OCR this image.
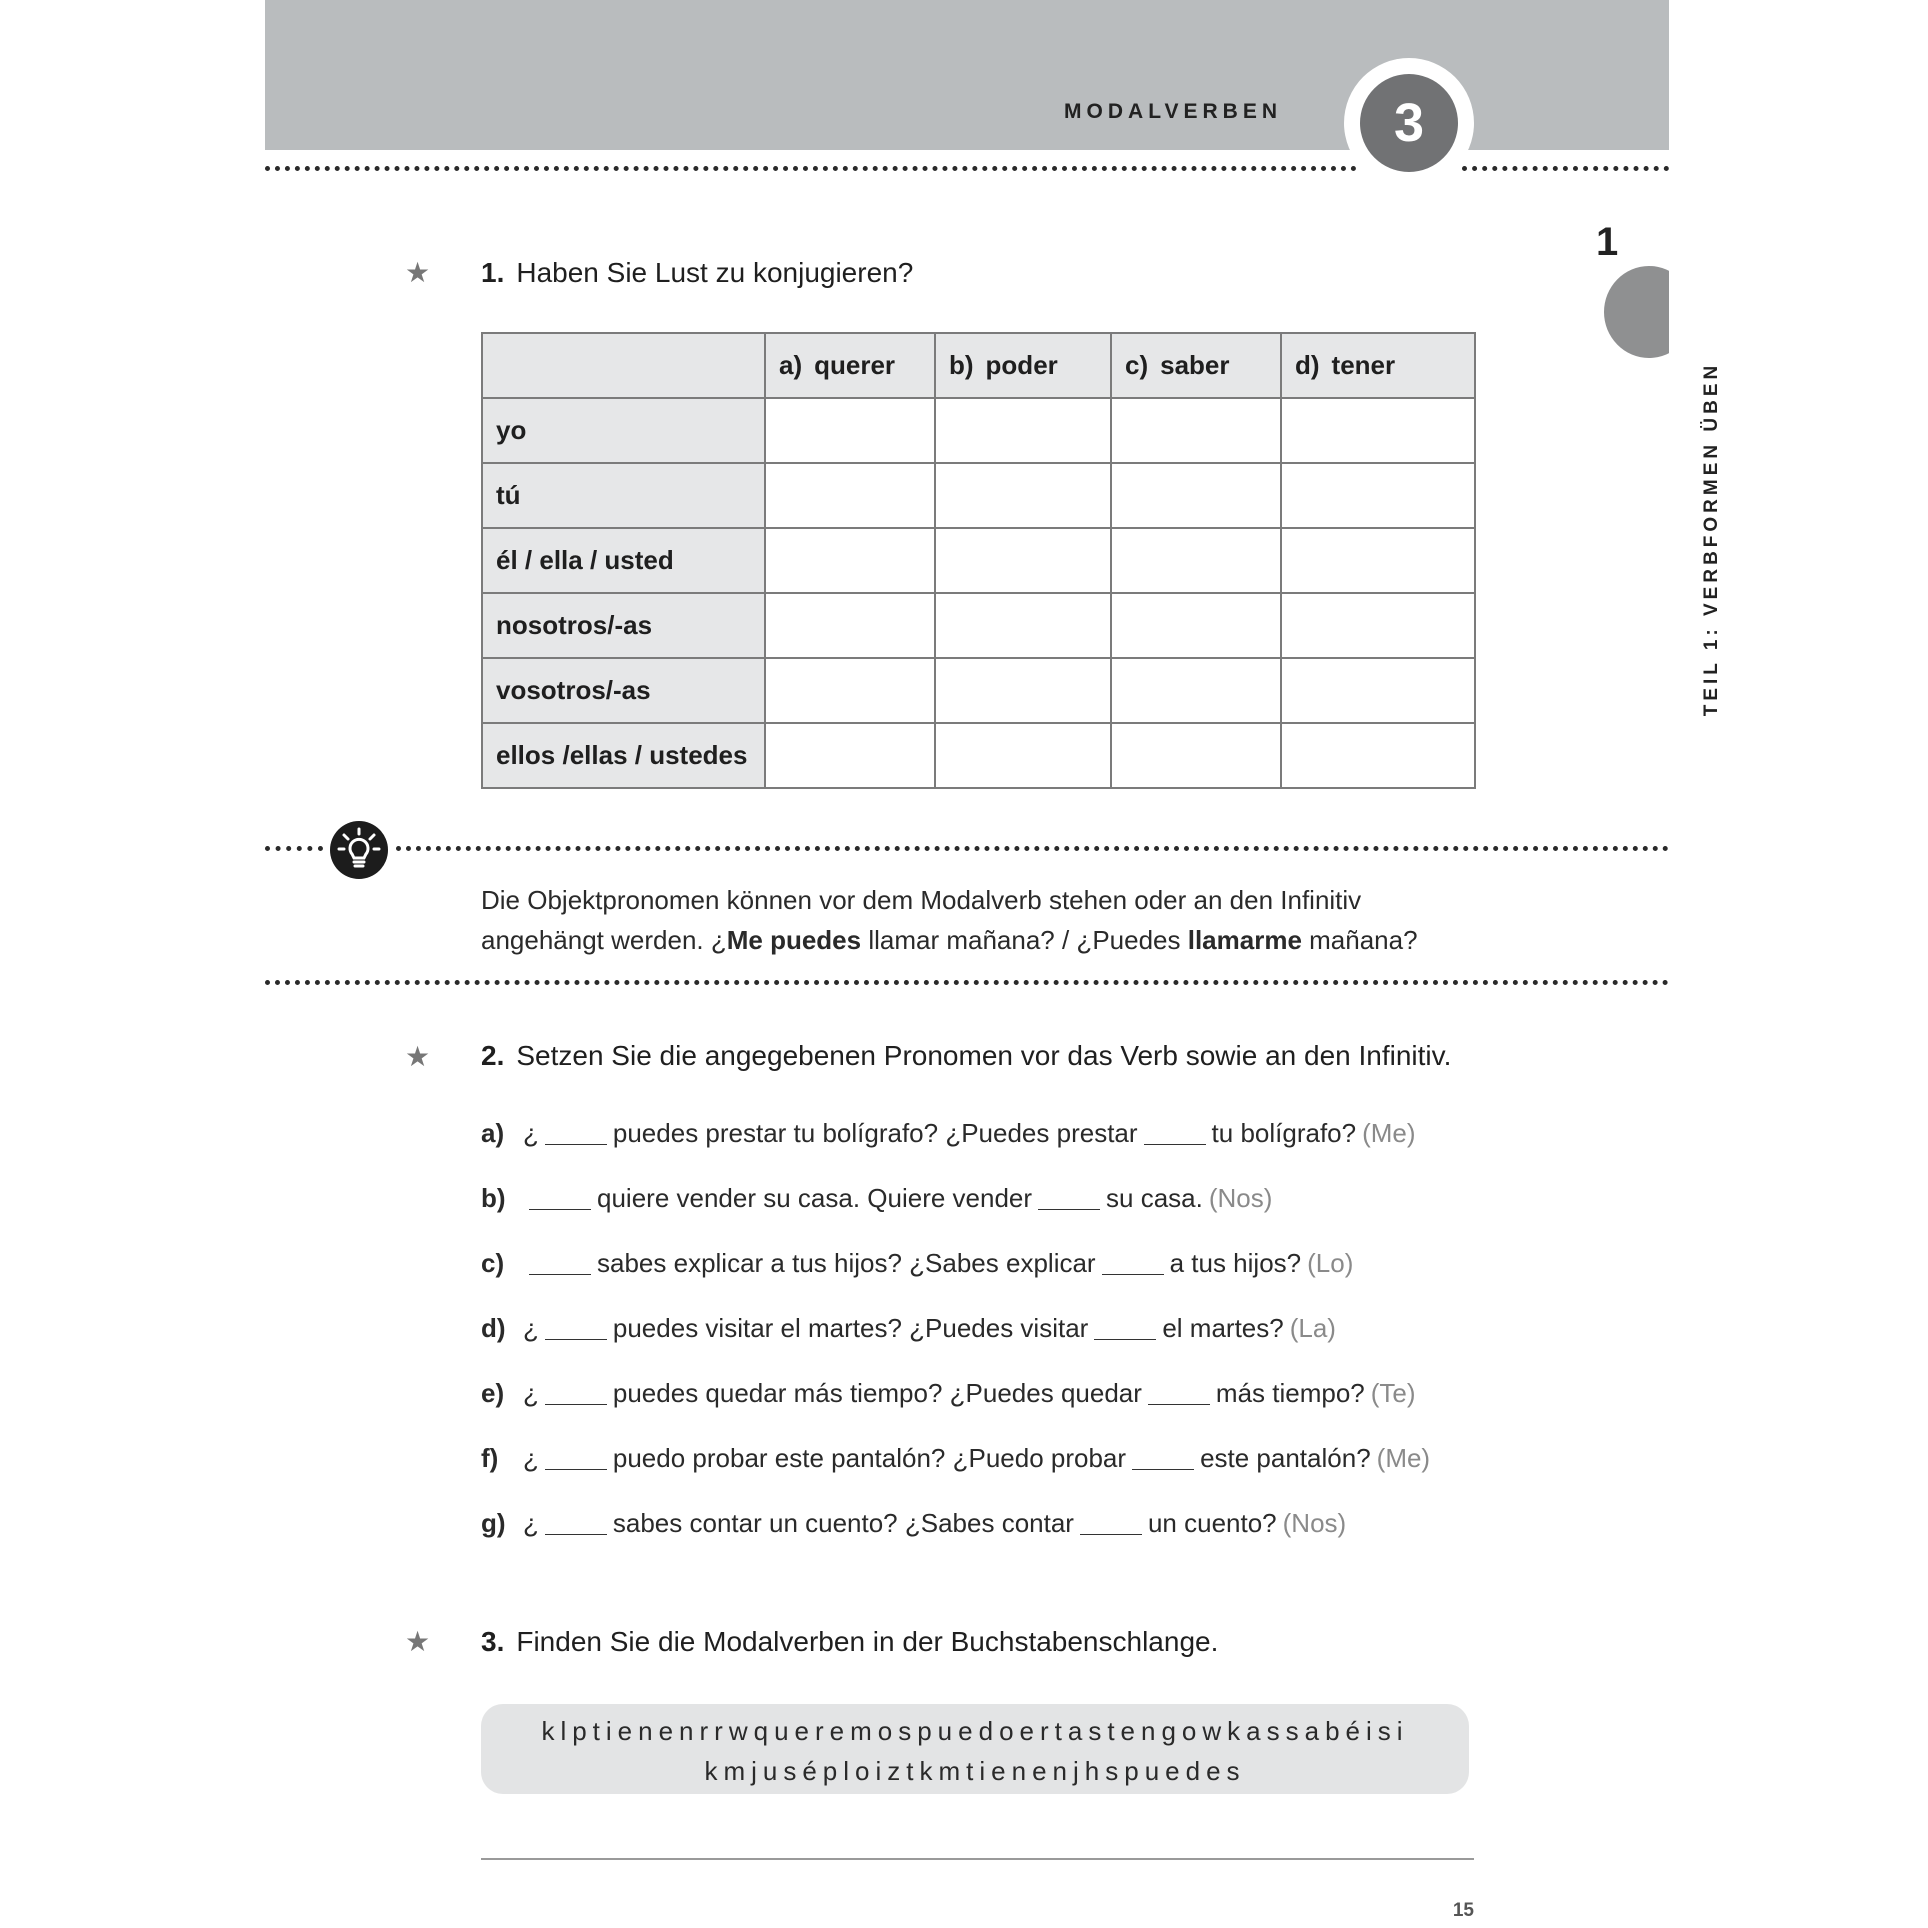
MODALVERBEN	3
1
TEIL 1: VERBFORMEN ÜBEN
★ 1. Haben Sie Lust zu konjugieren?
	a) querer	b) poder	c) saber	d) tener
yo				
tú				
él / ella / usted				
nosotros/-as				
vosotros/-as				
ellos /ellas / ustedes				
Die Objektpronomen können vor dem Modalverb stehen oder an den Infinitiv
angehängt werden. ¿Me puedes llamar mañana? / ¿Puedes llamarme mañana?
★ 2. Setzen Sie die angegebenen Pronomen vor das Verb sowie an den Infinitiv.
a) ¿	puedes prestar tu bolígrafo? ¿Puedes prestar	tu bolígrafo? (Me)
b)	quiere vender su casa. Quiere vender	su casa. (Nos)
c)	sabes explicar a tus hijos? ¿Sabes explicar	a tus hijos? (Lo)
d) ¿	puedes visitar el martes? ¿Puedes visitar	el martes? (La)
e) ¿	puedes quedar más tiempo? ¿Puedes quedar	más tiempo? (Te)
f) ¿	puedo probar este pantalón? ¿Puedo probar	este pantalón? (Me)
g) ¿	sabes contar un cuento? ¿Sabes contar	un cuento? (Nos)
★ 3. Finden Sie die Modalverben in der Buchstabenschlange.
klptienenrrwqueremospuedoertastengowkassabéisi
kmjuséploiztkmtienenjhspuedes
15
